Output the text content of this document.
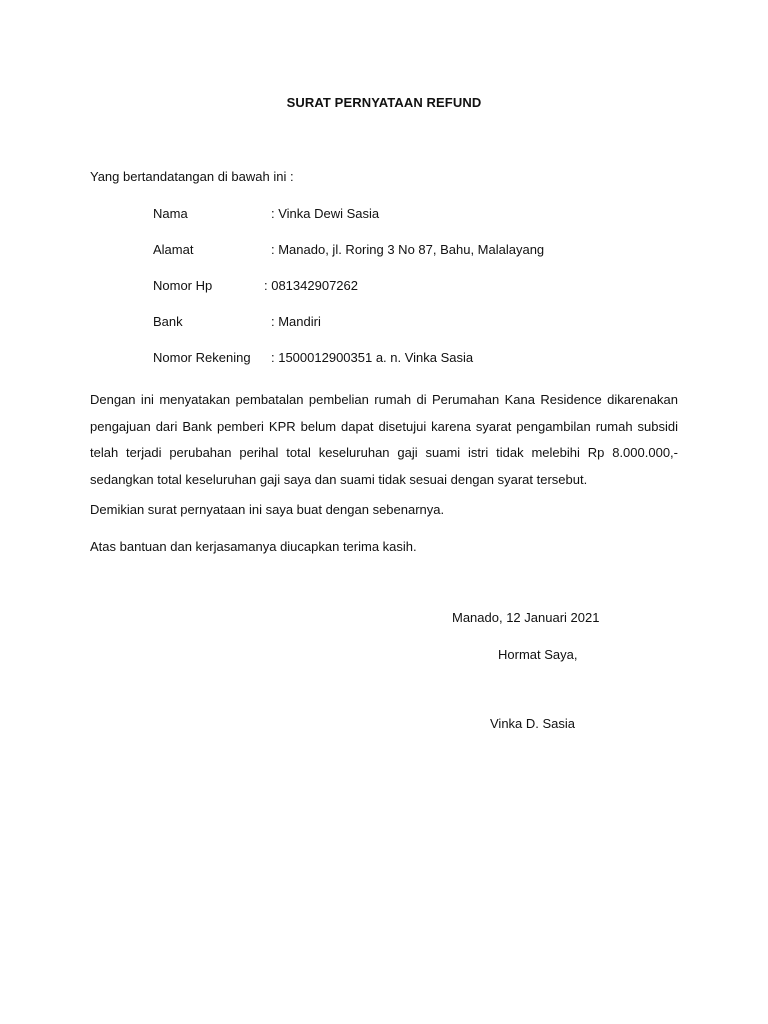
SURAT PERNYATAAN REFUND
Yang bertandatangan di bawah ini :
Nama	: Vinka Dewi Sasia
Alamat	: Manado, jl. Roring 3 No 87, Bahu, Malalayang
Nomor Hp	: 081342907262
Bank	: Mandiri
Nomor Rekening : 1500012900351 a. n. Vinka Sasia
Dengan ini menyatakan pembatalan pembelian rumah di Perumahan Kana Residence dikarenakan pengajuan dari Bank pemberi KPR belum dapat disetujui karena syarat pengambilan rumah subsidi telah terjadi perubahan perihal total keseluruhan gaji suami istri tidak melebihi Rp 8.000.000,- sedangkan total keseluruhan gaji saya dan suami tidak sesuai dengan syarat tersebut.
Demikian surat pernyataan ini saya buat dengan sebenarnya.
Atas bantuan dan kerjasamanya diucapkan terima kasih.
Manado, 12 Januari 2021
Hormat Saya,
Vinka D. Sasia
